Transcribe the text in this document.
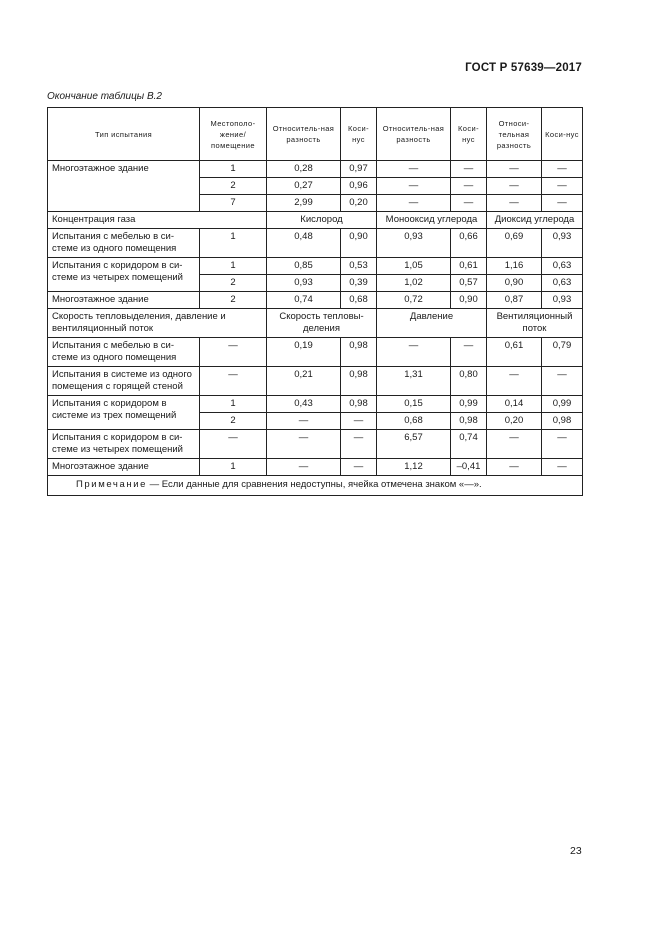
ГОСТ Р 57639—2017
Окончание таблицы В.2
Тип испытания	Местополо-жение/помещение	Относитель-ная разность	Коси-нус	Относитель-ная разность	Коси-нус	Относи-тельная разность	Коси-нус
Многоэтажное здание	1	0,28	0,97	—	—	—	—
	2	0,27	0,96	—	—	—	—
	7	2,99	0,20	—	—	—	—
Концентрация газа		Кислород		Монооксид углерода		Диоксид углерода	
Испытания с мебелью в си-стеме из одного помещения	1	0,48	0,90	0,93	0,66	0,69	0,93
Испытания с коридором в си-стеме из четырех помещений	1	0,85	0,53	1,05	0,61	1,16	0,63
	2	0,93	0,39	1,02	0,57	0,90	0,63
Многоэтажное здание	2	0,74	0,68	0,72	0,90	0,87	0,93
Скорость тепловыделения, давление и вентиляционный поток		Скорость тепловы-деления		Давление		Вентиляционный поток	
Испытания с мебелью в си-стеме из одного помещения	—	0,19	0,98	—	—	0,61	0,79
Испытания в системе из одного помещения с горящей стеной	—	0,21	0,98	1,31	0,80	—	—
Испытания с коридором в системе из трех помещений	1	0,43	0,98	0,15	0,99	0,14	0,99
	2	—	—	0,68	0,98	0,20	0,98
Испытания с коридором в си-стеме из четырех помещений	—	—	—	6,57	0,74	—	—
Многоэтажное здание	1	—	—	1,12	–0,41	—	—
Примечание — Если данные для сравнения недоступны, ячейка отмечена знаком «—».							
23
